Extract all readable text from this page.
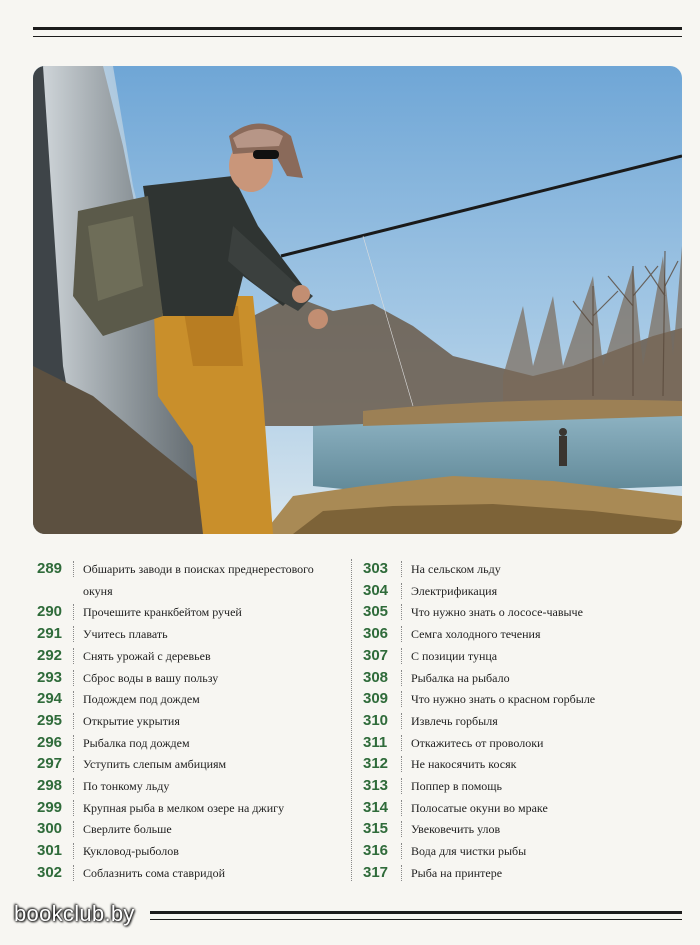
289 Обшарить заводи в поисках преднерестового окуня
290 Прочешите кранкбейтом ручей
291 Учитесь плавать
292 Снять урожай с деревьев
293 Сброс воды в вашу пользу
294 Подождем под дождем
295 Открытие укрытия
296 Рыбалка под дождем
297 Уступить слепым амбициям
298 По тонкому льду
299 Крупная рыба в мелком озере на джигу
300 Сверлите больше
301 Кукловод-рыболов
302 Соблазнить сома ставридой
303 На сельском льду
304 Электрификация
305 Что нужно знать о лососе-чавыче
306 Семга холодного течения
307 С позиции тунца
308 Рыбалка на рыбало
309 Что нужно знать о красном горбыле
310 Извлечь горбыля
311 Откажитесь от проволоки
312 Не накосячить косяк
313 Поппер в помощь
314 Полосатые окуни во мраке
315 Увековечить улов
316 Вода для чистки рыбы
317 Рыба на принтере
bookclub.by
